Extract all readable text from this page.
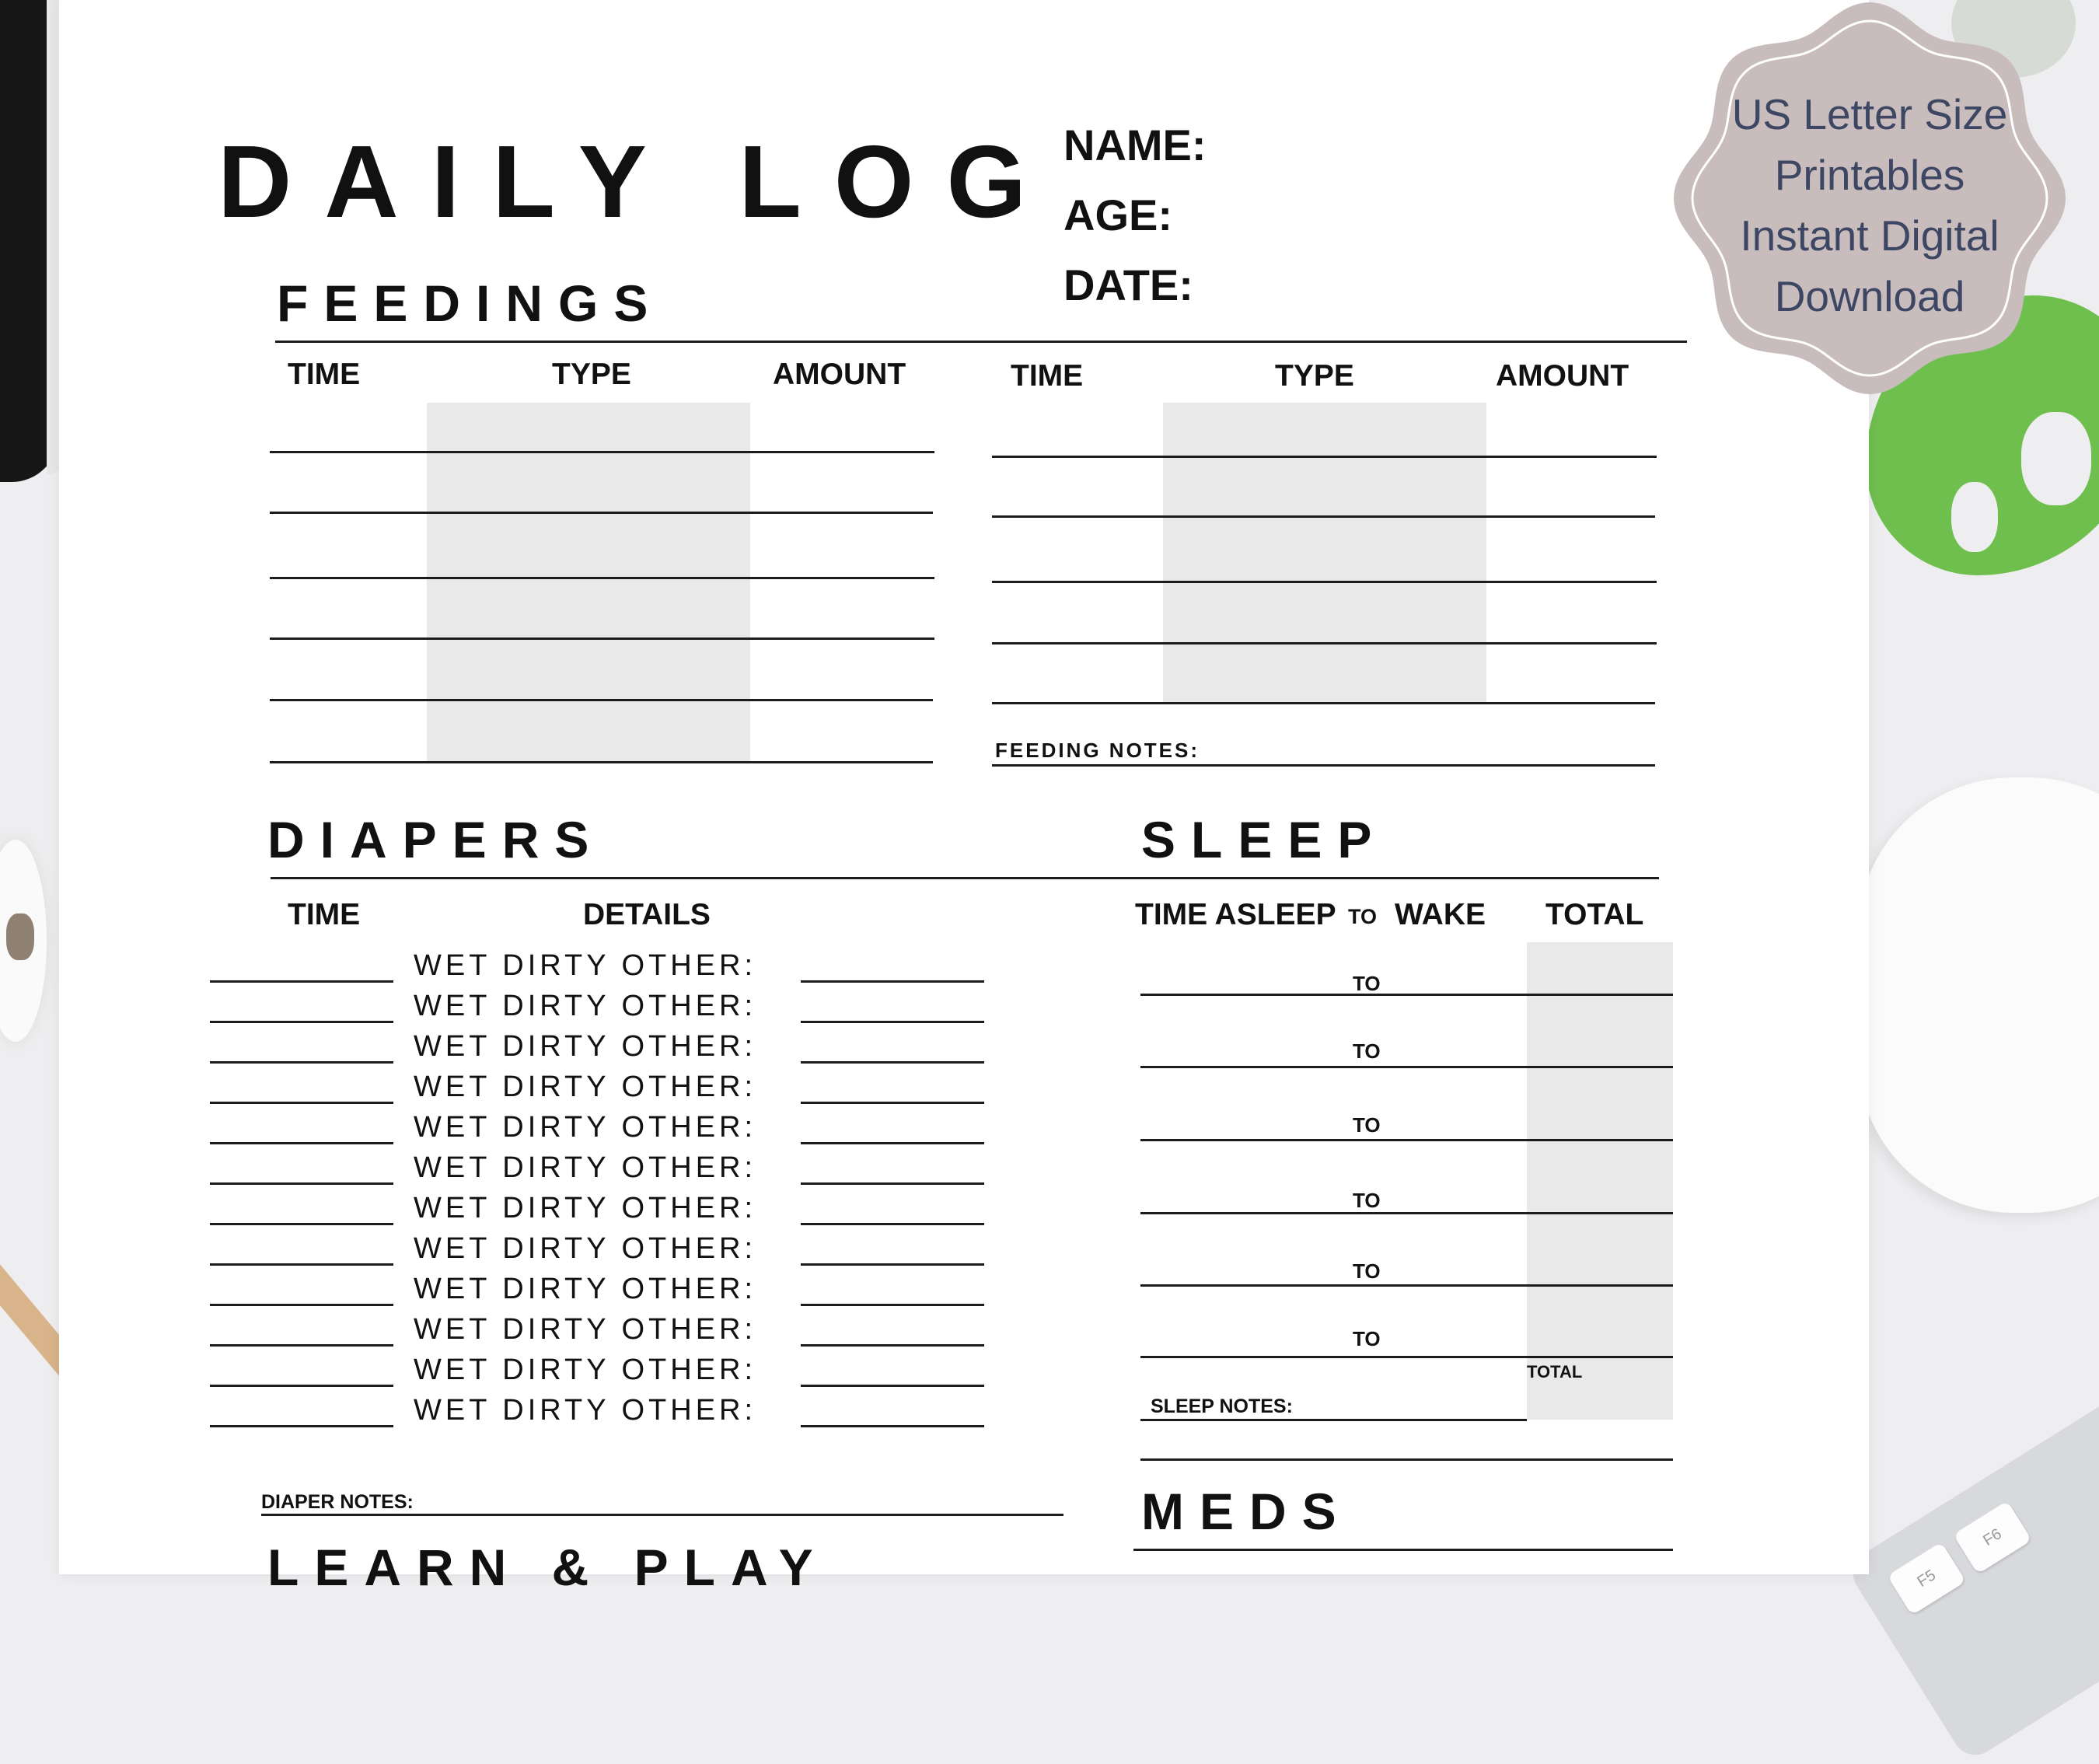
F5
F6
DAILY LOG NAME:
AGE:
DATE:
FEEDINGS
TIME	TYPE	AMOUNT	TIME	TYPE	AMOUNT
FEEDING NOTES:
DIAPERS
TIME	DETAILS
WET DIRTY OTHER:
WET DIRTY OTHER:
WET DIRTY OTHER:
WET DIRTY OTHER:
WET DIRTY OTHER:
WET DIRTY OTHER:
WET DIRTY OTHER:
WET DIRTY OTHER:
WET DIRTY OTHER:
WET DIRTY OTHER:
WET DIRTY OTHER:
WET DIRTY OTHER:
DIAPER NOTES:
LEARN & PLAY
SLEEP
TIME ASLEEP TO WAKE TOTAL
TO
TO
TO
TO
TO
TO
TOTAL
SLEEP NOTES:
MEDS
US Letter Size
Printables
Instant Digital
Download
